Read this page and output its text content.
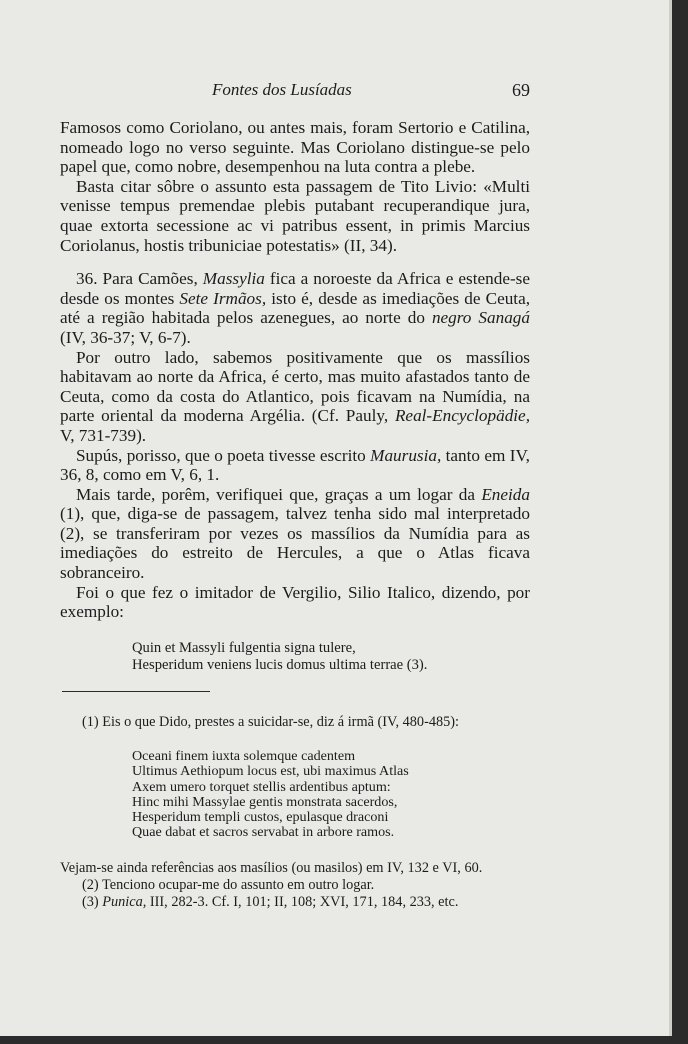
Fontes dos Lusíadas	69

Famosos como Coriolano, ou antes mais, foram Sertorio e Catilina, nomeado logo no verso seguinte. Mas Coriolano distingue-se pelo papel que, como nobre, desempenhou na luta contra a plebe.

Basta citar sôbre o assunto esta passagem de Tito Livio: «Multi venisse tempus premendae plebis putabant recuperandique jura, quae extorta secessione ac vi patribus essent, in primis Marcius Coriolanus, hostis tribuniciae potestatis» (II, 34).

36. Para Camões, Massylia fica a noroeste da Africa e estende-se desde os montes Sete Irmãos, isto é, desde as imediações de Ceuta, até a região habitada pelos azenegues, ao norte do negro Sanagá (IV, 36-37; V, 6-7).

Por outro lado, sabemos positivamente que os massílios habitavam ao norte da Africa, é certo, mas muito afastados tanto de Ceuta, como da costa do Atlantico, pois ficavam na Numídia, na parte oriental da moderna Argélia. (Cf. Pauly, Real-Encyclopädie, V, 731-739).

Supús, porisso, que o poeta tivesse escrito Maurusia, tanto em IV, 36, 8, como em V, 6, 1.

Mais tarde, porêm, verifiquei que, graças a um logar da Eneida (1), que, diga-se de passagem, talvez tenha sido mal interpretado (2), se transferiram por vezes os massílios da Numídia para as imediações do estreito de Hercules, a que o Atlas ficava sobranceiro.

Foi o que fez o imitador de Vergilio, Silio Italico, dizendo, por exemplo:

Quin et Massyli fulgentia signa tulere,
Hesperidum veniens lucis domus ultima terrae (3).

(1) Eis o que Dido, prestes a suicidar-se, diz á irmã (IV, 480-485):

Oceani finem iuxta solemque cadentem
Ultimus Aethiopum locus est, ubi maximus Atlas
Axem umero torquet stellis ardentibus aptum:
Hinc mihi Massylae gentis monstrata sacerdos,
Hesperidum templi custos, epulasque draconi
Quae dabat et sacros servabat in arbore ramos.

Vejam-se ainda referências aos masílios (ou masilos) em IV, 132 e VI, 60.

(2) Tenciono ocupar-me do assunto em outro logar.

(3) Punica, III, 282-3. Cf. I, 101; II, 108; XVI, 171, 184, 233, etc.
